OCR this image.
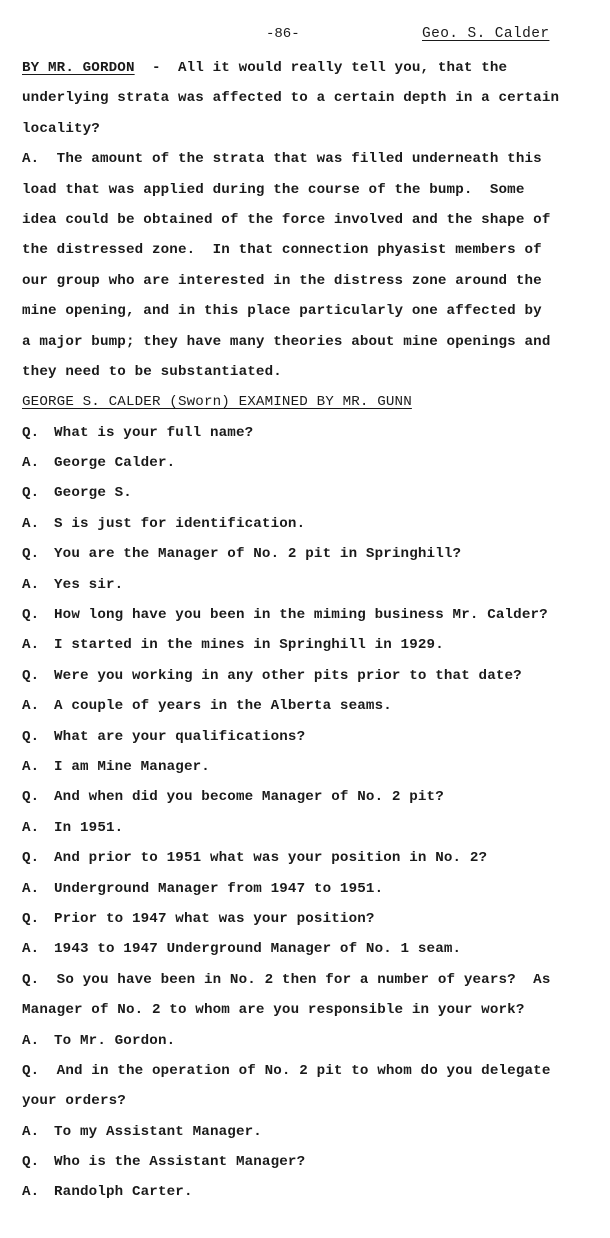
-86-	Geo. S. Calder
BY MR. GORDON  -  All it would really tell you, that the
underlying strata was affected to a certain depth in a certain
locality?
A.  The amount of the strata that was filled underneath this
load that was applied during the course of the bump.  Some
idea could be obtained of the force involved and the shape of
the distressed zone.  In that connection phyasist members of
our group who are interested in the distress zone around the
mine opening, and in this place particularly one affected by
a major bump; they have many theories about mine openings and
they need to be substantiated.
GEORGE S. CALDER (Sworn) EXAMINED BY MR. GUNN
Q.	What is your full name?
A.	George Calder.
Q.	George S.
A.	S is just for identification.
Q.	You are the Manager of No. 2 pit in Springhill?
A.	Yes sir.
Q.	How long have you been in the miming business Mr. Calder?
A.	I started in the mines in Springhill in 1929.
Q.	Were you working in any other pits prior to that date?
A.	A couple of years in the Alberta seams.
Q.	What are your qualifications?
A.	I am Mine Manager.
Q.	And when did you become Manager of No. 2 pit?
A.	In 1951.
Q.	And prior to 1951 what was your position in No. 2?
A.	Underground Manager from 1947 to 1951.
Q.	Prior to 1947 what was your position?
A.	1943 to 1947 Underground Manager of No. 1 seam.
Q.  So you have been in No. 2 then for a number of years?  As
Manager of No. 2 to whom are you responsible in your work?
A.	To Mr. Gordon.
Q.  And in the operation of No. 2 pit to whom do you delegate
your orders?
A.	To my Assistant Manager.
Q.	Who is the Assistant Manager?
A.	Randolph Carter.
